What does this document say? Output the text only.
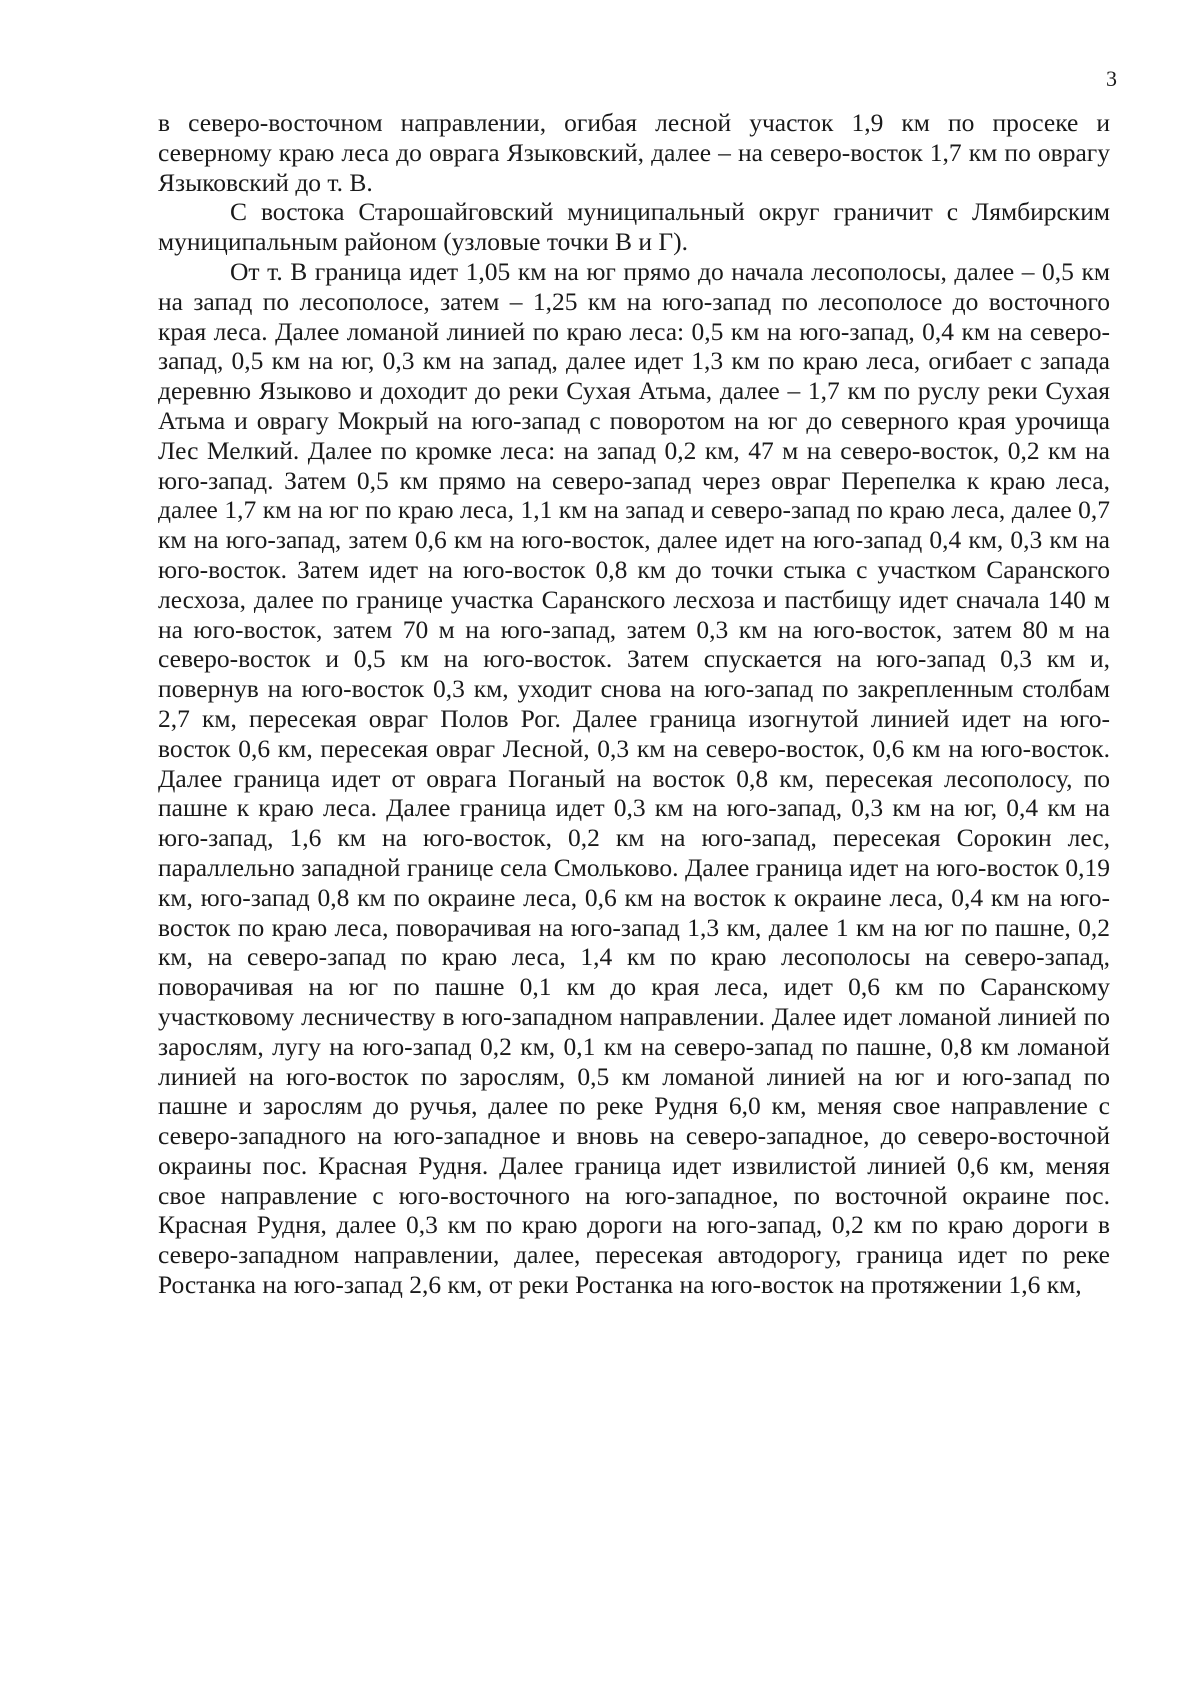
3

в северо-восточном направлении, огибая лесной участок 1,9 км по просеке и северному краю леса до оврага Языковский, далее – на северо-восток 1,7 км по оврагу Языковский до т. В.

С востока Старошайговский муниципальный округ граничит с Лямбирским муниципальным районом (узловые точки В и Г).

От т. В граница идет 1,05 км на юг прямо до начала лесополосы, далее – 0,5 км на запад по лесополосе, затем – 1,25 км на юго-запад по лесополосе до восточного края леса. Далее ломаной линией по краю леса: 0,5 км на юго-запад, 0,4 км на северо-запад, 0,5 км на юг, 0,3 км на запад, далее идет 1,3 км по краю леса, огибает с запада деревню Языково и доходит до реки Сухая Атьма, далее – 1,7 км по руслу реки Сухая Атьма и оврагу Мокрый на юго-запад с поворотом на юг до северного края урочища Лес Мелкий. Далее по кромке леса: на запад 0,2 км, 47 м на северо-восток, 0,2 км на юго-запад. Затем 0,5 км прямо на северо-запад через овраг Перепелка к краю леса, далее 1,7 км на юг по краю леса, 1,1 км на запад и северо-запад по краю леса, далее 0,7 км на юго-запад, затем 0,6 км на юго-восток, далее идет на юго-запад 0,4 км, 0,3 км на юго-восток. Затем идет на юго-восток 0,8 км до точки стыка с участком Саранского лесхоза, далее по границе участка Саранского лесхоза и пастбищу идет сначала 140 м на юго-восток, затем 70 м на юго-запад, затем 0,3 км на юго-восток, затем 80 м на северо-восток и 0,5 км на юго-восток. Затем спускается на юго-запад 0,3 км и, повернув на юго-восток 0,3 км, уходит снова на юго-запад по закрепленным столбам 2,7 км, пересекая овраг Полов Рог. Далее граница изогнутой линией идет на юго-восток 0,6 км, пересекая овраг Лесной, 0,3 км на северо-восток, 0,6 км на юго-восток. Далее граница идет от оврага Поганый на восток 0,8 км, пересекая лесополосу, по пашне к краю леса. Далее граница идет 0,3 км на юго-запад, 0,3 км на юг, 0,4 км на юго-запад, 1,6 км на юго-восток, 0,2 км на юго-запад, пересекая Сорокин лес, параллельно западной границе села Смольково. Далее граница идет на юго-восток 0,19 км, юго-запад 0,8 км по окраине леса, 0,6 км на восток к окраине леса, 0,4 км на юго-восток по краю леса, поворачивая на юго-запад 1,3 км, далее 1 км на юг по пашне, 0,2 км, на северо-запад по краю леса, 1,4 км по краю лесополосы на северо-запад, поворачивая на юг по пашне 0,1 км до края леса, идет 0,6 км по Саранскому участковому лесничеству в юго-западном направлении. Далее идет ломаной линией по зарослям, лугу на юго-запад 0,2 км, 0,1 км на северо-запад по пашне, 0,8 км ломаной линией на юго-восток по зарослям, 0,5 км ломаной линией на юг и юго-запад по пашне и зарослям до ручья, далее по реке Рудня 6,0 км, меняя свое направление с северо-западного на юго-западное и вновь на северо-западное, до северо-восточной окраины пос. Красная Рудня. Далее граница идет извилистой линией 0,6 км, меняя свое направление с юго-восточного на юго-западное, по восточной окраине пос. Красная Рудня, далее 0,3 км по краю дороги на юго-запад, 0,2 км по краю дороги в северо-западном направлении, далее, пересекая автодорогу, граница идет по реке Ростанка на юго-запад 2,6 км, от реки Ростанка на юго-восток на протяжении 1,6 км,
